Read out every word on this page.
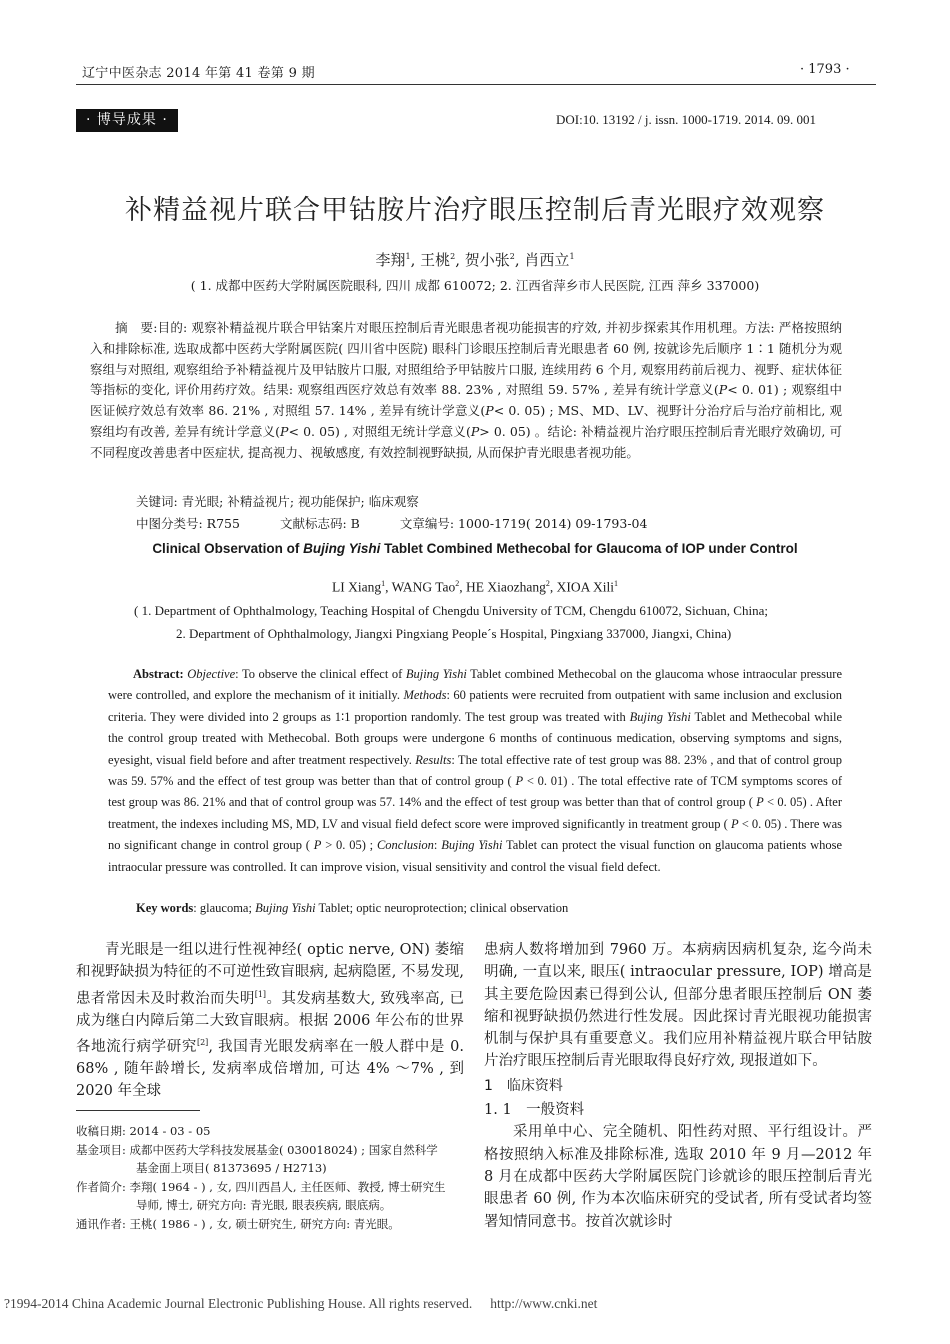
辽宁中医杂志 2014 年第 41 卷第 9 期	· 1793 ·
· 博导成果 ·	DOI:10. 13192 / j. issn. 1000-1719. 2014. 09. 001
补精益视片联合甲钴胺片治疗眼压控制后青光眼疗效观察
李翔$^1$, 王桃$^2$, 贺小张$^2$, 肖西立$^1$
( 1. 成都中医药大学附属医院眼科, 四川 成都 610072; 2. 江西省萍乡市人民医院, 江西 萍乡 337000)
  摘　要:目的: 观察补精益视片联合甲钴案片对眼压控制后青光眼患者视功能损害的疗效, 并初步探索其作用机理。方法: 严格按照纳入和排除标准, 选取成都中医药大学附属医院( 四川省中医院) 眼科门诊眼压控制后青光眼患者 60 例, 按就诊先后顺序 1∶1 随机分为观察组与对照组, 观察组给予补精益视片及甲钴胺片口服, 对照组给予甲钴胺片口服, 连续用药 6 个月, 观察用药前后视力、视野、症状体征等指标的变化, 评价用药疗效。结果: 观察组西医疗效总有效率 88. 23% , 对照组 59. 57% , 差异有统计学意义(P< 0. 01) ; 观察组中医证候疗效总有效率 86. 21% , 对照组 57. 14% , 差异有统计学意义(P< 0. 05) ; MS、MD、LV、视野计分治疗后与治疗前相比, 观察组均有改善, 差异有统计学意义(P< 0. 05) , 对照组无统计学意义(P> 0. 05) 。结论: 补精益视片治疗眼压控制后青光眼疗效确切, 可不同程度改善患者中医症状, 提高视力、视敏感度, 有效控制视野缺损, 从而保护青光眼患者视功能。
关键词: 青光眼; 补精益视片; 视功能保护; 临床观察
中图分类号: R755	文献标志码: B	文章编号: 1000-1719( 2014) 09-1793-04
Clinical Observation of Bujing Yishi Tablet Combined Methecobal for Glaucoma of IOP under Control
LI Xiang$^1$, WANG Tao$^2$, HE Xiaozhang$^2$, XIOA Xili$^1$
( 1. Department of Ophthalmology, Teaching Hospital of Chengdu University of TCM, Chengdu 610072, Sichuan, China;
2. Department of Ophthalmology, Jiangxi Pingxiang People´s Hospital, Pingxiang 337000, Jiangxi, China)
  Abstract: Objective: To observe the clinical effect of Bujing Yishi Tablet combined Methecobal on the glaucoma whose intraocular pressure were controlled, and explore the mechanism of it initially. Methods: 60 patients were recruited from outpatient with same inclusion and exclusion criteria. They were divided into 2 groups as 1∶1 proportion randomly. The test group was treated with Bujing Yishi Tablet and Methecobal while the control group treated with Methecobal. Both groups were undergone 6 months of continuous medication, observing symptoms and signs, eyesight, visual field before and after treatment respectively. Results: The total effective rate of test group was 88. 23% , and that of control group was 59. 57% and the effect of test group was better than that of control group ( P < 0. 01) . The total effective rate of TCM symptoms scores of test group was 86. 21% and that of control group was 57. 14% and the effect of test group was better than that of control group ( P < 0. 05) . After treatment, the indexes including MS, MD, LV and visual field defect score were improved significantly in treatment group ( P < 0. 05) . There was no significant change in control group ( P > 0. 05) ; Conclusion: Bujing Yishi Tablet can protect the visual function on glaucoma patients whose intraocular pressure was controlled. It can improve vision, visual sensitivity and control the visual field defect.
Key words: glaucoma; Bujing Yishi Tablet; optic neuroprotection; clinical observation
青光眼是一组以进行性视神经( optic nerve, ON) 萎缩和视野缺损为特征的不可逆性致盲眼病, 起病隐匿, 不易发现, 患者常因未及时救治而失明[1]。其发病基数大, 致残率高, 已成为继白内障后第二大致盲眼病。根据 2006 年公布的世界各地流行病学研究[2], 我国青光眼发病率在一般人群中是 0. 68% , 随年龄增长, 发病率成倍增加, 可达 4% ～7% , 到 2020 年全球
患病人数将增加到 7960 万。本病病因病机复杂, 迄今尚未明确, 一直以来, 眼压( intraocular pressure, IOP) 增高是其主要危险因素已得到公认, 但部分患者眼压控制后 ON 萎缩和视野缺损仍然进行性发展。因此探讨青光眼视功能损害机制与保护具有重要意义。我们应用补精益视片联合甲钴胺片治疗眼压控制后青光眼取得良好疗效, 现报道如下。
1　临床资料
1. 1　一般资料
采用单中心、完全随机、阳性药对照、平行组设计。严格按照纳入标准及排除标准, 选取 2010 年 9 月—2012 年 8 月在成都中医药大学附属医院门诊就诊的眼压控制后青光眼患者 60 例, 作为本次临床研究的受试者, 所有受试者均签署知情同意书。按首次就诊时
收稿日期: 2014 - 03 - 05
基金项目: 成都中医药大学科技发展基金( 030018024) ; 国家自然科学
基金面上项目( 81373695 / H2713)
作者简介: 李翔( 1964 - ) , 女, 四川西昌人, 主任医师、教授, 博士研究生
导师, 博士, 研究方向: 青光眼, 眼表疾病, 眼底病。
通讯作者: 王桃( 1986 - ) , 女, 硕士研究生, 研究方向: 青光眼。
?1994-2014 China Academic Journal Electronic Publishing House. All rights reserved. http://www.cnki.net
